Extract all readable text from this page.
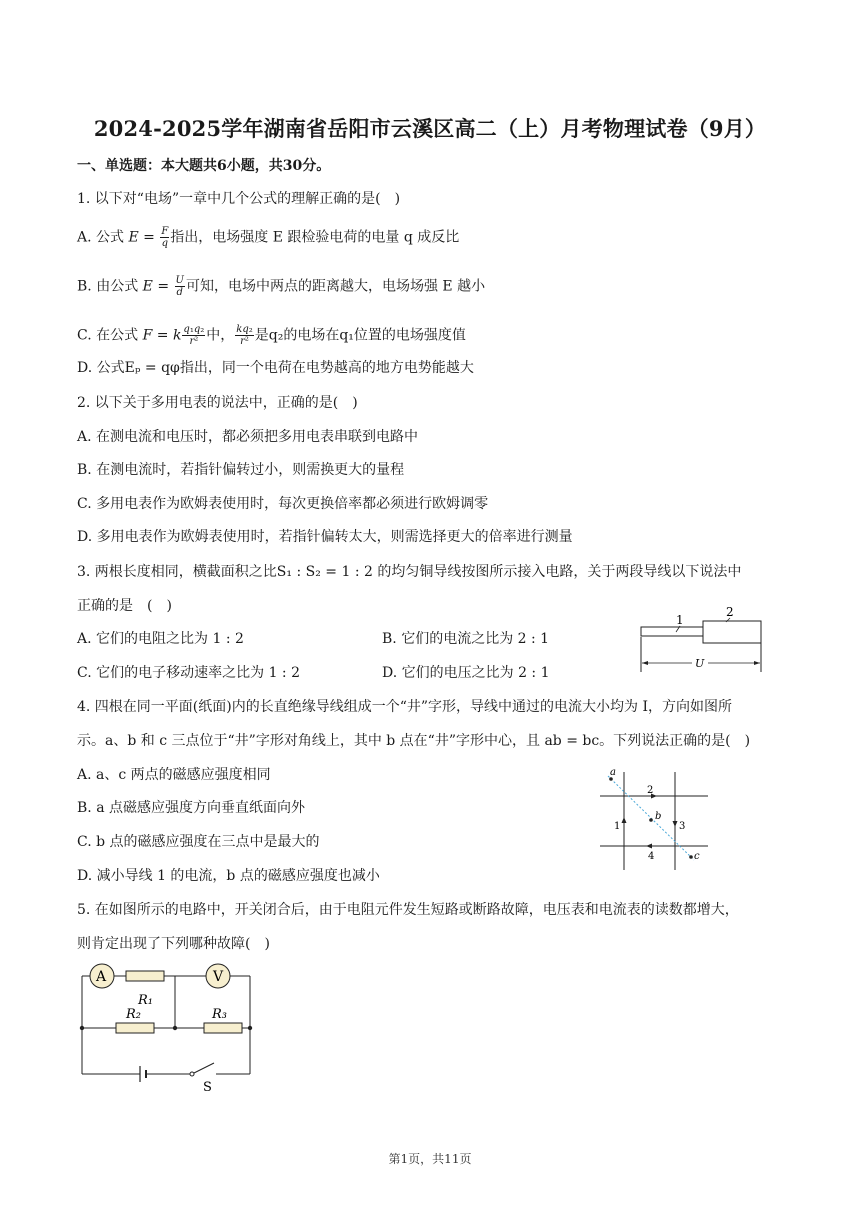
2024-2025学年湖南省岳阳市云溪区高二（上）月考物理试卷（9月）
一、单选题：本大题共6小题，共30分。
1. 以下对“电场”一章中几个公式的理解正确的是(　)
A. 公式 $E = \frac{F}{q}$ 指出，电场强度 E 跟检验电荷的电量 q 成反比
B. 由公式 $E = \frac{U}{d}$ 可知，电场中两点的距离越大，电场场强 E 越小
C. 在公式 F = k $\frac{\text{q₁q₂}}{\text{r²}}$ 中， $\frac{\text{kq₂}}{\text{r²}}$ 是q₂的电场在q₁位置的电场强度值
D. 公式Eₚ = qφ指出，同一个电荷在电势越高的地方电势能越大
2. 以下关于多用电表的说法中，正确的是(　)
A. 在测电流和电压时，都必须把多用电表串联到电路中
B. 在测电流时，若指针偏转过小，则需换更大的量程
C. 多用电表作为欧姆表使用时，每次更换倍率都必须进行欧姆调零
D. 多用电表作为欧姆表使用时，若指针偏转太大，则需选择更大的倍率进行测量
3. 两根长度相同，横截面积之比S₁ : S₂ = 1 : 2 的均匀铜导线按图所示接入电路，关于两段导线以下说法中
正确的是　(　)
A. 它们的电阻之比为 1 : 2	B. 它们的电流之比为 2 : 1
C. 它们的电子移动速率之比为 1 : 2	D. 它们的电压之比为 2 : 1
1
2
U
4. 四根在同一平面(纸面)内的长直绝缘导线组成一个“井”字形，导线中通过的电流大小均为 I，方向如图所
示。a、b 和 c 三点位于“井”字形对角线上，其中 b 点在“井”字形中心，且 ab = bc。下列说法正确的是(　)
A. a、c 两点的磁感应强度相同
B. a 点磁感应强度方向垂直纸面向外
C. b 点的磁感应强度在三点中是最大的
D. 减小导线 1 的电流，b 点的磁感应强度也减小
a
b
c
2
1	3
4
5. 在如图所示的电路中，开关闭合后，由于电阻元件发生短路或断路故障，电压表和电流表的读数都增大，
则肯定出现了下列哪种故障(　)
A	V
R₁
R₂	R₃
S
第1页，共11页
